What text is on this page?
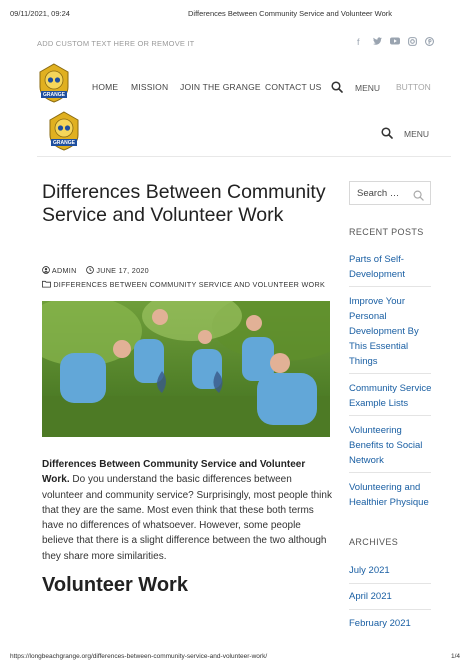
09/11/2021, 09:24	Differences Between Community Service and Volunteer Work
ADD CUSTOM TEXT HERE OR REMOVE IT	f
GRANGE
HOME MISSION JOIN THE GRANGE CONTACT US	MENU BUTTON
GRANGE
MENU
Differences Between Community Service and Volunteer Work
ADMIN	JUNE 17, 2020
DIFFERENCES BETWEEN COMMUNITY SERVICE AND VOLUNTEER WORK
Differences Between Community Service and Volunteer Work. Do you understand the basic differences between volunteer and community service? Surprisingly, most people think that they are the same. Most even think that these both terms have no differences of whatsoever. However, some people believe that there is a slight difference between the two although they share more similarities.
Volunteer Work
Search …
RECENT POSTS
Parts of Self-Development
Improve Your Personal Development By This Essential Things
Community Service Example Lists
Volunteering Benefits to Social Network
Volunteering and Healthier Physique
ARCHIVES
July 2021
April 2021
February 2021
https://longbeachgrange.org/differences-between-community-service-and-volunteer-work/	1/4
